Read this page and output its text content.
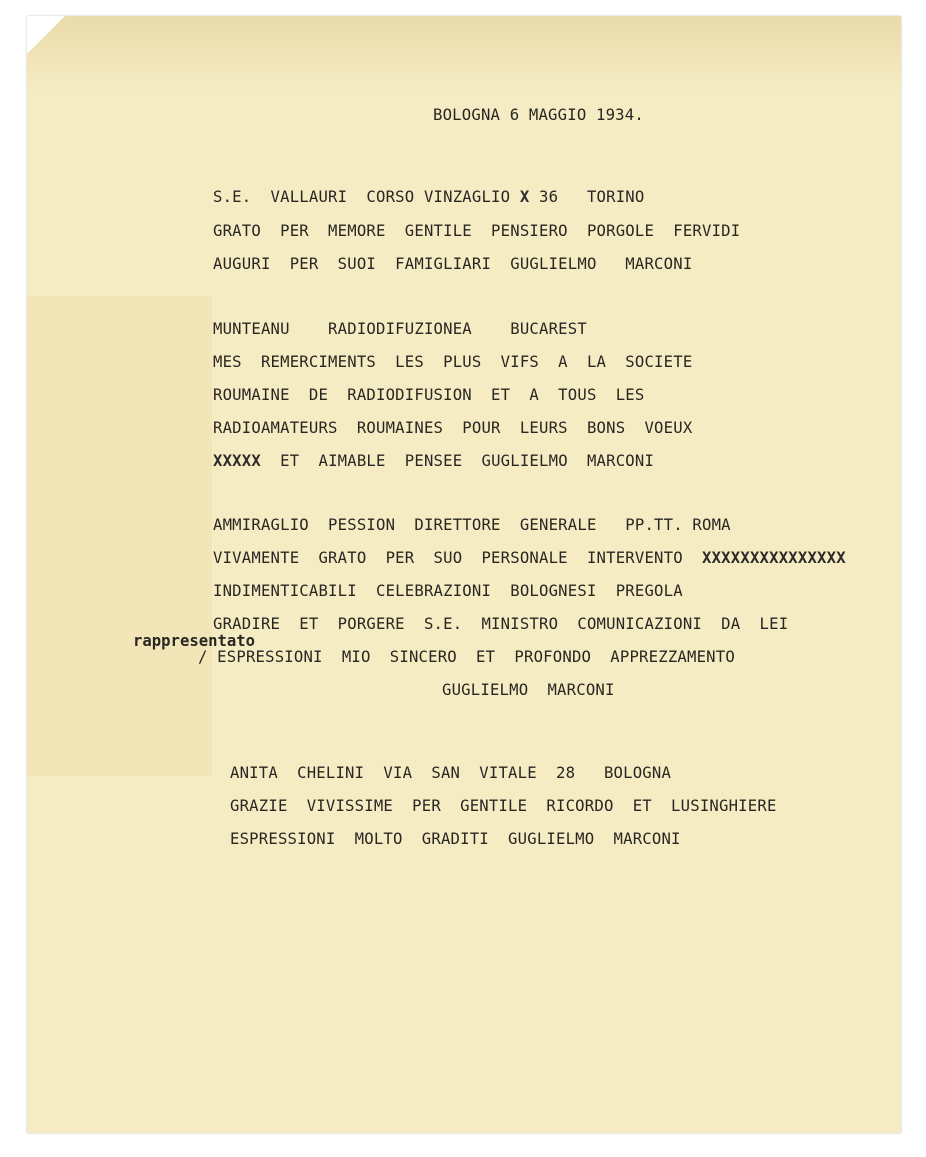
BOLOGNA 6 MAGGIO 1934.
S.E.  VALLAURI  CORSO VINZAGLIO X 36   TORINO
GRATO  PER  MEMORE  GENTILE  PENSIERO  PORGOLE  FERVIDI
AUGURI  PER  SUOI  FAMIGLIARI  GUGLIELMO   MARCONI
MUNTEANU    RADIODIFUZIONEA    BUCAREST
MES  REMERCIMENTS  LES  PLUS  VIFS  A  LA  SOCIETE
ROUMAINE  DE  RADIODIFUSION  ET  A  TOUS  LES
RADIOAMATEURS  ROUMAINES  POUR  LEURS  BONS  VOEUX
XXXXX  ET  AIMABLE  PENSEE  GUGLIELMO  MARCONI
AMMIRAGLIO  PESSION  DIRETTORE  GENERALE   PP.TT. ROMA
VIVAMENTE  GRATO  PER  SUO  PERSONALE  INTERVENTO  XXXXXXXXXXXXXXX
INDIMENTICABILI  CELEBRAZIONI  BOLOGNESI  PREGOLA
GRADIRE  ET  PORGERE  S.E.  MINISTRO  COMUNICAZIONI  DA  LEI
rappresentato
/ ESPRESSIONI  MIO  SINCERO  ET  PROFONDO  APPREZZAMENTO
GUGLIELMO  MARCONI
ANITA  CHELINI  VIA  SAN  VITALE  28   BOLOGNA
GRAZIE  VIVISSIME  PER  GENTILE  RICORDO  ET  LUSINGHIERE
ESPRESSIONI  MOLTO  GRADITI  GUGLIELMO  MARCONI
